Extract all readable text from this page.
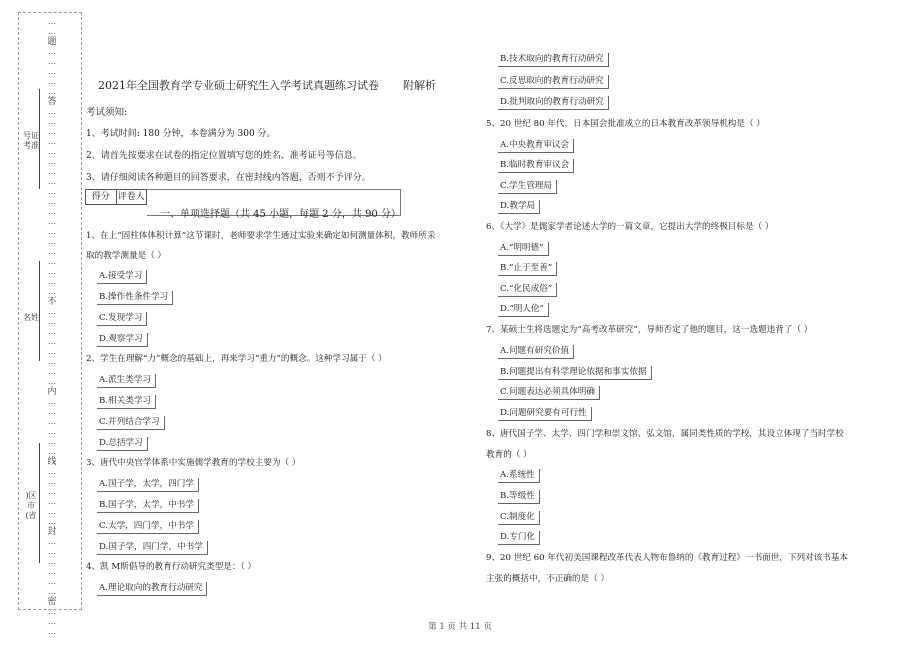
…
…
题
…
…
…
…
…
答
…
…
…
…
…
…
…
…
…
…
…
…
…
…
…
…
…
…
…
不
…
…
…
…
…
…
…
…
内
…
…
…
…
…
…
线
…
…
…
…
…
…
封
…
…
…
…
…
…
密
…
…
…
号证考准
名姓
)区市(省
2021年全国教育学专业硕士研究生入学考试真题练习试卷 附解析
考试须知:
1、考试时间: 180 分钟，本卷满分为 300 分。
2、请首先按要求在试卷的指定位置填写您的姓名、准考证号等信息。
3、请仔细阅读各种题目的回答要求，在密封线内答题，否则不予评分。
得分 评卷人
一、单项选择题（共 45 小题，每题 2 分，共 90 分）
1、在上“固柱体体积计算”这节课时，老师要求学生通过实验来确定如何测量体积，教师所采
取的教学测量是（ ）
A.接受学习
B.操作性条件学习
C.发现学习
D.观察学习
2、学生在理解“力”概念的基础上，再来学习“重力”的概念。这种学习属于（ ）
A.派生类学习
B.相关类学习
C.并列结合学习
D.总括学习
3、唐代中央官学体系中实施儒学教育的学校主要为（ ）
A.国子学，太学，四门学
B.国子学，太学，中书学
C.太学，四门学，中书学
D.国子学，四门学，中书学
4、凯 M斯倡导的教育行动研究类型是：（ ）
A.理论取向的教育行动研究
B.技术取向的教育行动研究
C.反思取向的教育行动研究
D.批判取向的教育行动研究
5、20 世纪 80 年代，日本国会批准成立的日本教育改革领导机构是（ ）
A.中央教育审议会
B.临时教育审议会
C.学生管理局
D.教学局
6、《大学》是儒家学者论述大学的一篇文章，它提出大学的终极目标是（ ）
A.“明明德”
B.“止于至善”
C.“化民成俗”
D.“明人伦”
7、某硕士生将选题定为“高考改革研究”，导师否定了他的题目，这一选题违背了（ ）
A.问题有研究价值
B.问题提出有科学理论依据和事实依据
C.问题表达必须具体明确
D.问题研究要有可行性
8、唐代国子学、太学、四门学和崇文馆、弘文馆，属同类性质的学校，其设立体现了当时学校
教育的（ ）
A.系统性
B.等级性
C.制度化
D.专门化
9、20 世纪 60 年代初美国课程改革代表人物布鲁纳的《教育过程》一书面世，下列对该书基本
主张的概括中，不正确的是（ ）
第 1 页 共 11 页
